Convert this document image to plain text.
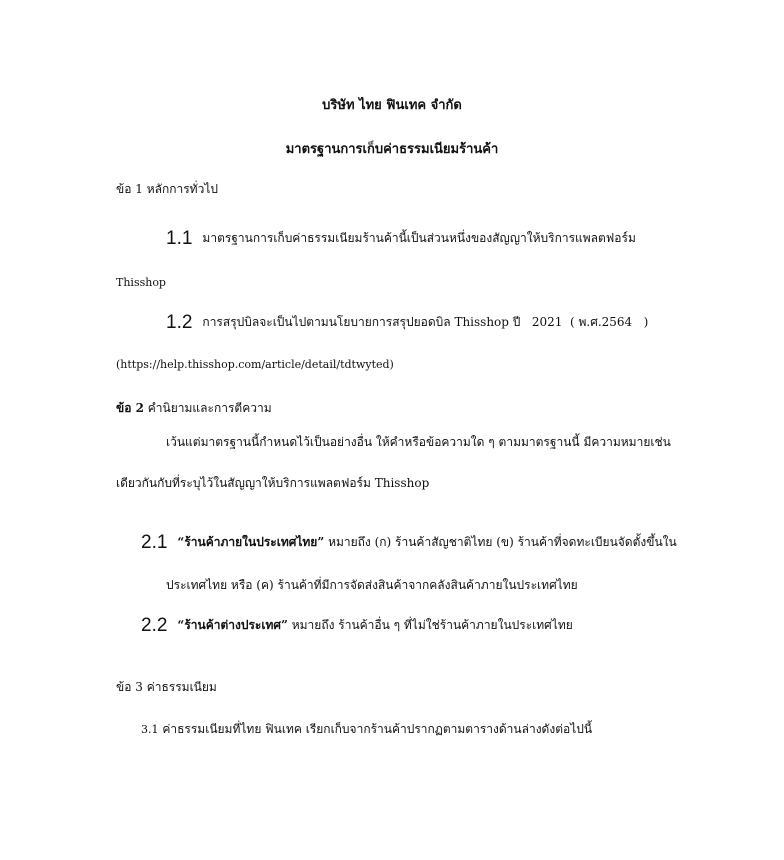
บริษัท ไทย ฟินเทค จำกัด
มาตรฐานการเก็บค่าธรรมเนียมร้านค้า
ข้อ 1 หลักการทั่วไป
1.1 มาตรฐานการเก็บค่าธรรมเนียมร้านค้านี้เป็นส่วนหนึ่งของสัญญาให้บริการแพลตฟอร์ม
Thisshop
1.2 การสรุปบิลจะเป็นไปตามนโยบายการสรุปยอดบิล Thisshop ปี   2021  ( พ.ศ.2564   )
(https://help.thisshop.com/article/detail/tdtwyted)
ข้อ 2 คำนิยามและการตีความ
เว้นแต่มาตรฐานนี้กำหนดไว้เป็นอย่างอื่น ให้คำหรือข้อความใด ๆ ตามมาตรฐานนี้ มีความหมายเช่น
เดียวกันกับที่ระบุไว้ในสัญญาให้บริการแพลตฟอร์ม Thisshop
2.1 “ร้านค้าภายในประเทศไทย” หมายถึง (ก) ร้านค้าสัญชาติไทย (ข) ร้านค้าที่จดทะเบียนจัดตั้งขึ้นใน
ประเทศไทย หรือ (ค) ร้านค้าที่มีการจัดส่งสินค้าจากคลังสินค้าภายในประเทศไทย
2.2 “ร้านค้าต่างประเทศ” หมายถึง ร้านค้าอื่น ๆ ที่ไม่ใช่ร้านค้าภายในประเทศไทย
ข้อ 3 ค่าธรรมเนียม
3.1 ค่าธรรมเนียมที่ไทย ฟินเทค เรียกเก็บจากร้านค้าปรากฏตามตารางด้านล่างดังต่อไปนี้
